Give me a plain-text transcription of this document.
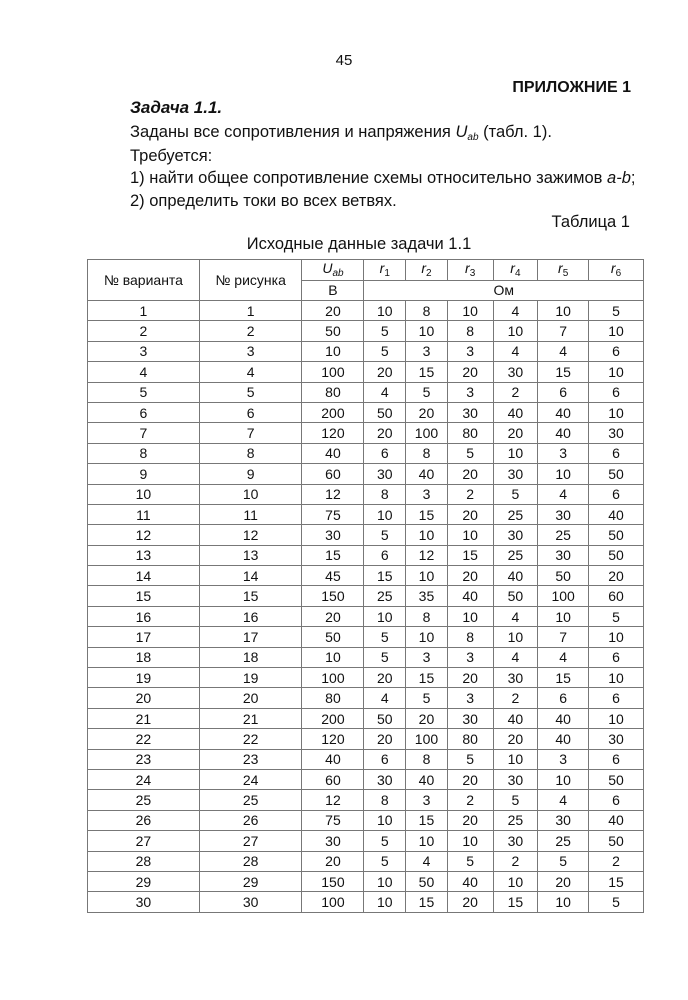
45
ПРИЛОЖНИЕ 1
Задача 1.1.
Заданы все сопротивления и напряжения $U_{ab}$ (табл. 1).
Требуется:
1) найти общее сопротивление схемы относительно зажимов a-b;
2) определить токи во всех ветвях.
Таблица 1
Исходные данные задачи 1.1
№ варианта	№ рисунка	$U_{ab}$	$r_1$	$r_2$	$r_3$	$r_4$	$r_5$	$r_6$
		В	Ом					
1	1	20	10	8	10	4	10	5
2	2	50	5	10	8	10	7	10
3	3	10	5	3	3	4	4	6
4	4	100	20	15	20	30	15	10
5	5	80	4	5	3	2	6	6
6	6	200	50	20	30	40	40	10
7	7	120	20	100	80	20	40	30
8	8	40	6	8	5	10	3	6
9	9	60	30	40	20	30	10	50
10	10	12	8	3	2	5	4	6
11	11	75	10	15	20	25	30	40
12	12	30	5	10	10	30	25	50
13	13	15	6	12	15	25	30	50
14	14	45	15	10	20	40	50	20
15	15	150	25	35	40	50	100	60
16	16	20	10	8	10	4	10	5
17	17	50	5	10	8	10	7	10
18	18	10	5	3	3	4	4	6
19	19	100	20	15	20	30	15	10
20	20	80	4	5	3	2	6	6
21	21	200	50	20	30	40	40	10
22	22	120	20	100	80	20	40	30
23	23	40	6	8	5	10	3	6
24	24	60	30	40	20	30	10	50
25	25	12	8	3	2	5	4	6
26	26	75	10	15	20	25	30	40
27	27	30	5	10	10	30	25	50
28	28	20	5	4	5	2	5	2
29	29	150	10	50	40	10	20	15
30	30	100	10	15	20	15	10	5
